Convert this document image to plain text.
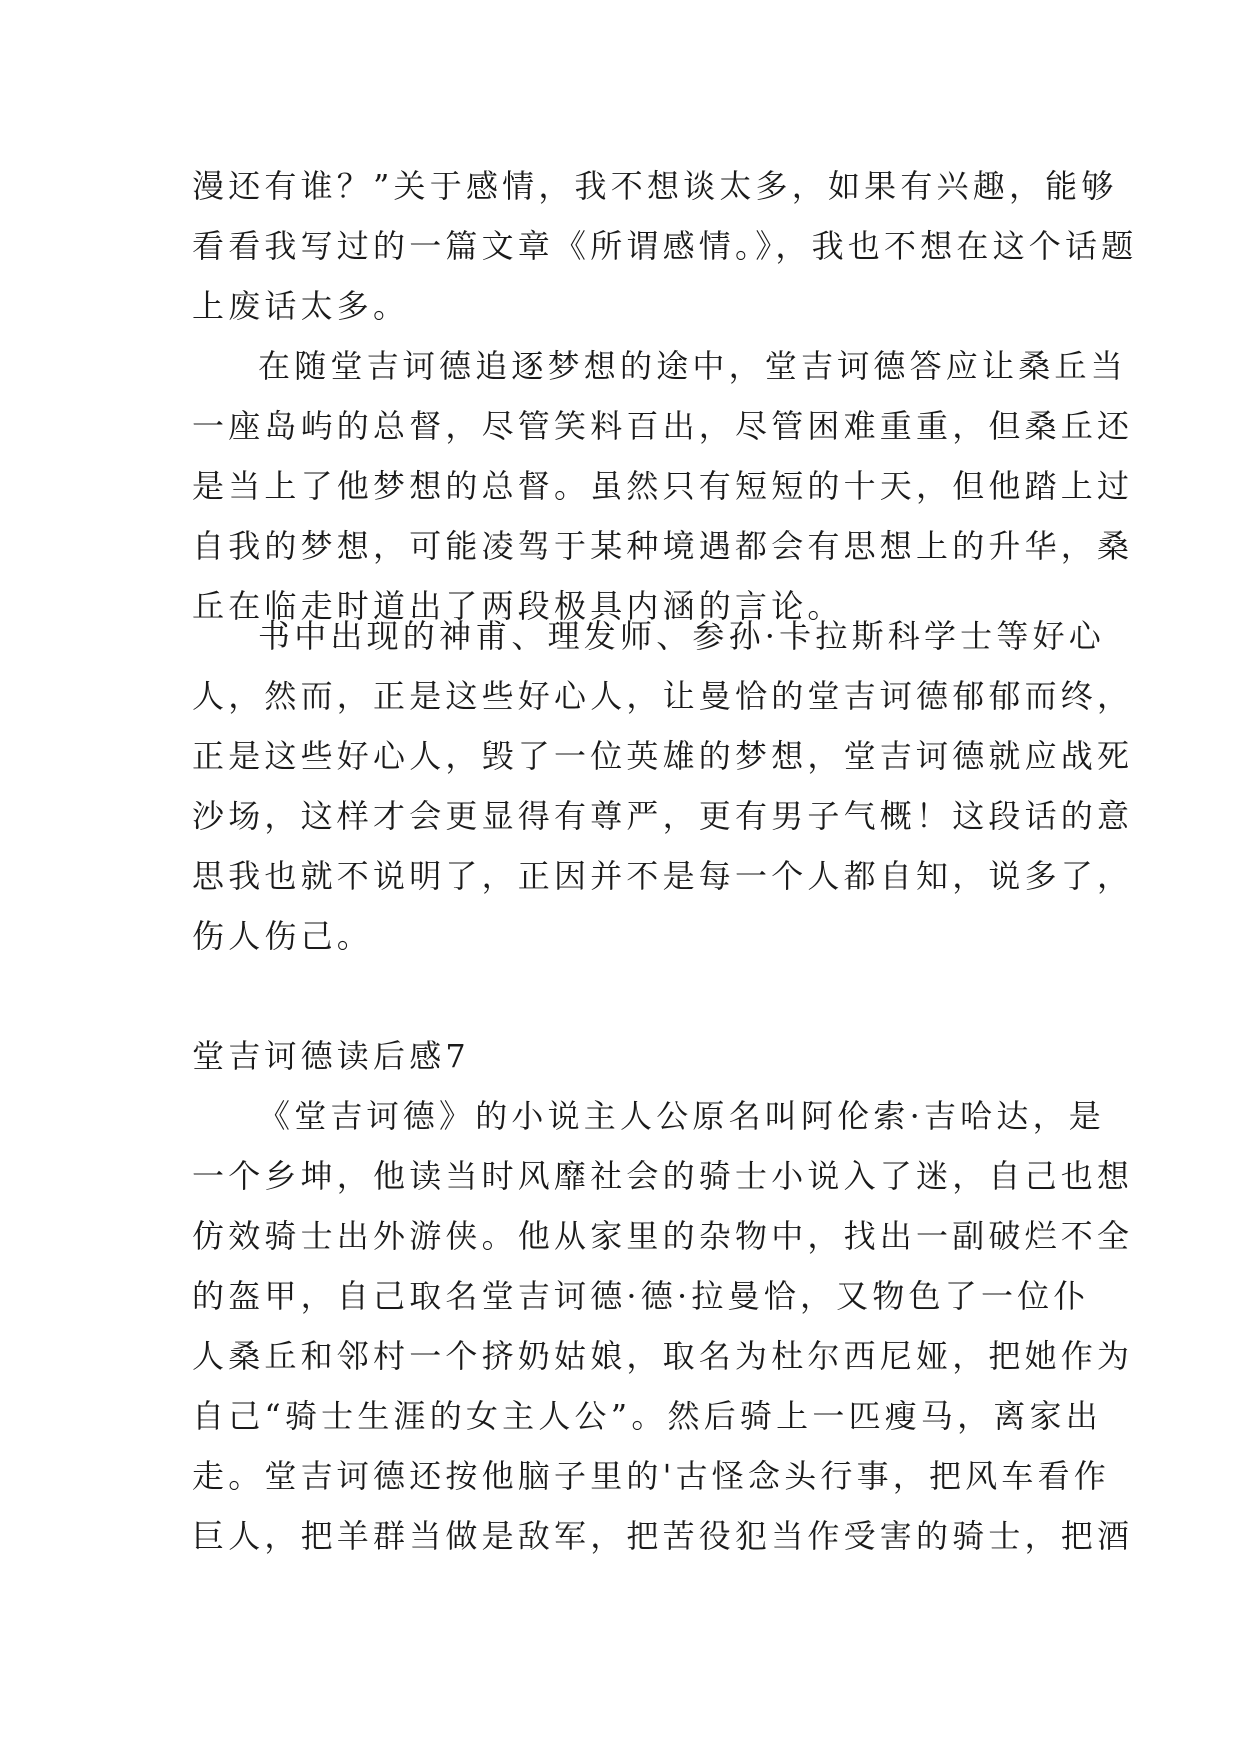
漫还有谁？”关于感情，我不想谈太多，如果有兴趣，能够
看看我写过的一篇文章《所谓感情。》，我也不想在这个话题
上废话太多。
在随堂吉诃德追逐梦想的途中，堂吉诃德答应让桑丘当
一座岛屿的总督，尽管笑料百出，尽管困难重重，但桑丘还
是当上了他梦想的总督。虽然只有短短的十天，但他踏上过
自我的梦想，可能凌驾于某种境遇都会有思想上的升华，桑
丘在临走时道出了两段极具内涵的言论。
书中出现的神甫、理发师、参孙·卡拉斯科学士等好心
人，然而，正是这些好心人，让曼恰的堂吉诃德郁郁而终，
正是这些好心人，毁了一位英雄的梦想，堂吉诃德就应战死
沙场，这样才会更显得有尊严，更有男子气概！这段话的意
思我也就不说明了，正因并不是每一个人都自知，说多了，
伤人伤己。
堂吉诃德读后感7
《堂吉诃德》的小说主人公原名叫阿伦索·吉哈达，是
一个乡坤，他读当时风靡社会的骑士小说入了迷，自己也想
仿效骑士出外游侠。他从家里的杂物中，找出一副破烂不全
的盔甲，自己取名堂吉诃德·德·拉曼恰，又物色了一位仆
人桑丘和邻村一个挤奶姑娘，取名为杜尔西尼娅，把她作为
自己“骑士生涯的女主人公”。然后骑上一匹瘦马，离家出
走。堂吉诃德还按他脑子里的'古怪念头行事，把风车看作
巨人，把羊群当做是敌军，把苦役犯当作受害的骑士，把酒
